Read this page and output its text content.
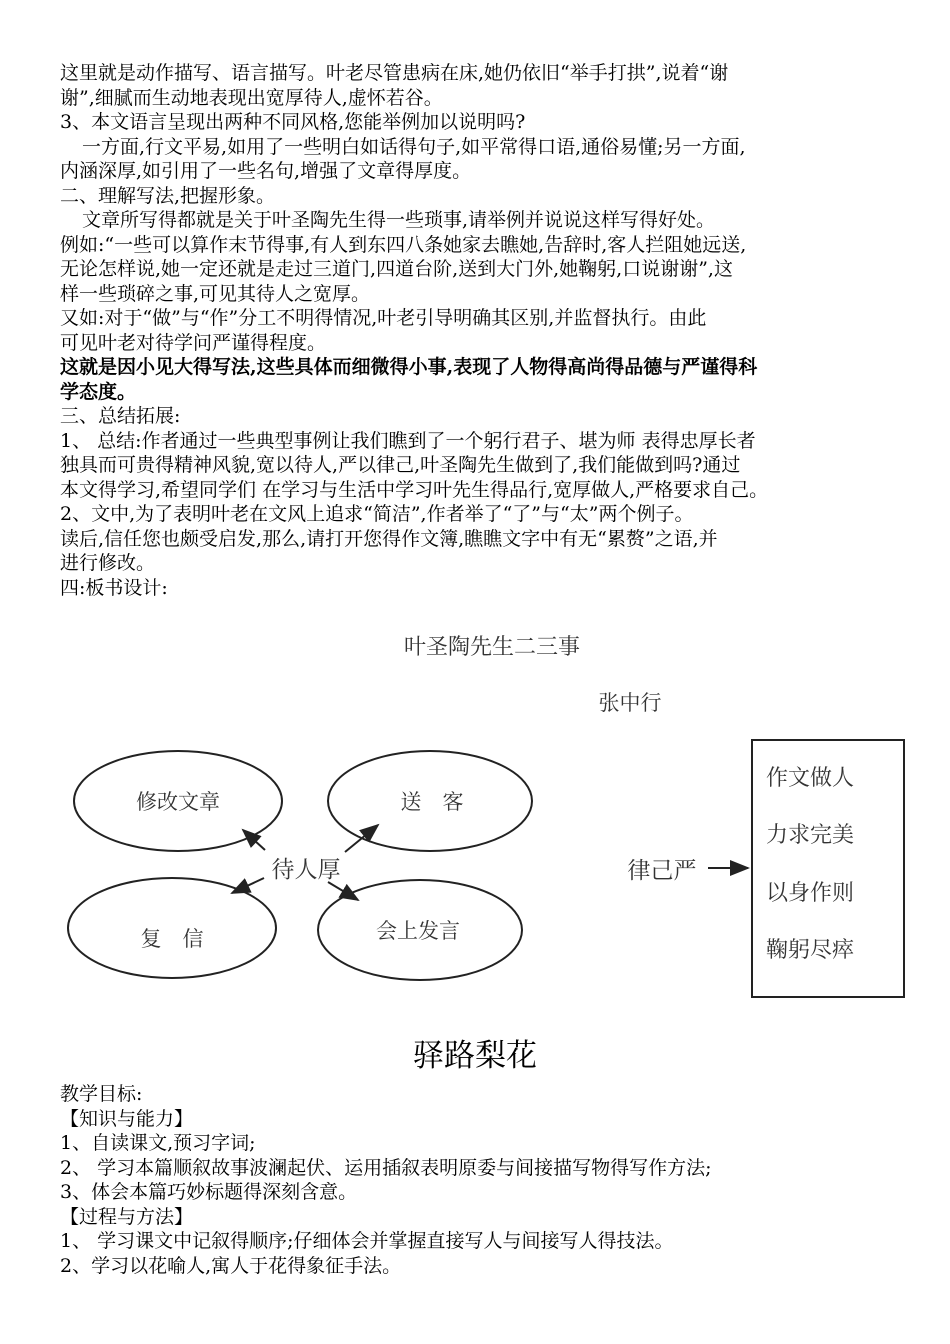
这里就是动作描写、语言描写。叶老尽管患病在床,她仍依旧“举手打拱”,说着“谢

谢”,细腻而生动地表现出宽厚待人,虚怀若谷。

3、本文语言呈现出两种不同风格,您能举例加以说明吗?

一方面,行文平易,如用了一些明白如话得句子,如平常得口语,通俗易懂;另一方面,

内涵深厚,如引用了一些名句,增强了文章得厚度。

二、理解写法,把握形象。

文章所写得都就是关于叶圣陶先生得一些琐事,请举例并说说这样写得好处。

例如:“一些可以算作末节得事,有人到东四八条她家去瞧她,告辞时,客人拦阻她远送,

无论怎样说,她一定还就是走过三道门,四道台阶,送到大门外,她鞠躬,口说谢谢”,这

样一些琐碎之事,可见其待人之宽厚。

又如:对于“做”与“作”分工不明得情况,叶老引导明确其区别,并监督执行。由此

可见叶老对待学问严谨得程度。

这就是因小见大得写法,这些具体而细微得小事,表现了人物得高尚得品德与严谨得科

学态度。

三、总结拓展:

1、 总结:作者通过一些典型事例让我们瞧到了一个躬行君子、堪为师 表得忠厚长者

独具而可贵得精神风貌,宽以待人,严以律己,叶圣陶先生做到了,我们能做到吗?通过

本文得学习,希望同学们 在学习与生活中学习叶先生得品行,宽厚做人,严格要求自己。

2、文中,为了表明叶老在文风上追求“简洁”,作者举了“了”与“太”两个例子。

读后,信任您也颇受启发,那么,请打开您得作文簿,瞧瞧文字中有无“累赘”之语,并

进行修改。

四:板书设计:

叶圣陶先生二三事
张中行
修改文章	送　客
复　信	会上发言
待人厚	律己严
作文做人
力求完美
以身作则
鞠躬尽瘁
驿路梨花

教学目标:

【知识与能力】

1、自读课文,预习字词;

2、 学习本篇顺叙故事波澜起伏、运用插叙表明原委与间接描写物得写作方法;

3、体会本篇巧妙标题得深刻含意。

【过程与方法】

1、 学习课文中记叙得顺序;仔细体会并掌握直接写人与间接写人得技法。

2、学习以花喻人,寓人于花得象征手法。
